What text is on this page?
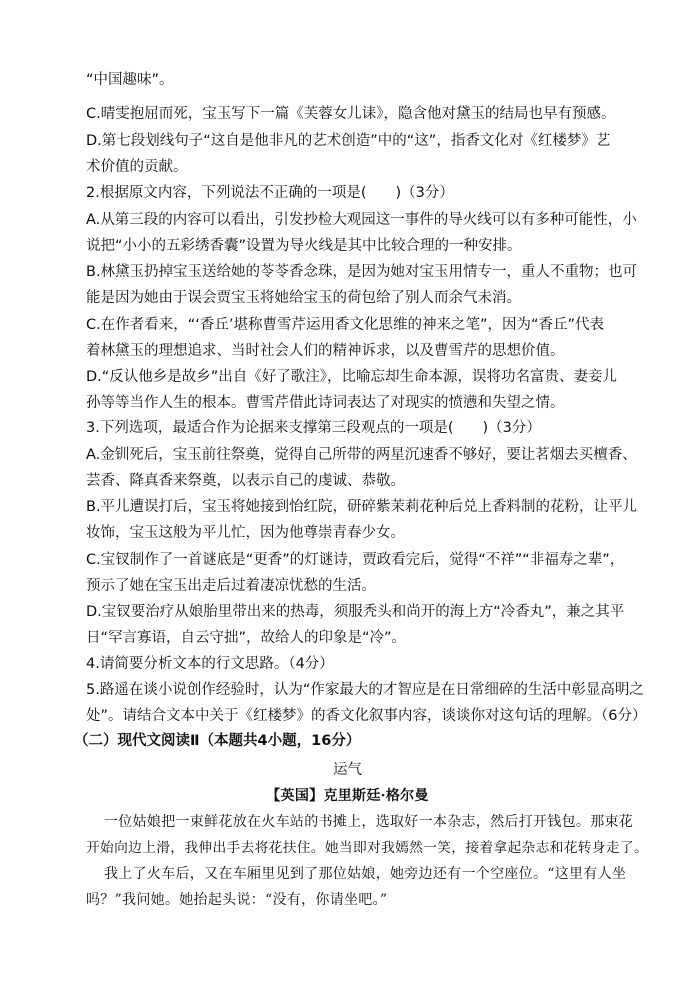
“中国趣味”。
C.晴雯抱屈而死，宝玉写下一篇《芙蓉女儿诔》，隐含他对黛玉的结局也早有预感。
D.第七段划线句子“这自是他非凡的艺术创造”中的“这”，指香文化对《红楼梦》艺
术价值的贡献。
2.根据原文内容，下列说法不正确的一项是(　　)（3分）
A.从第三段的内容可以看出，引发抄检大观园这一事件的导火线可以有多种可能性，小
说把“小小的五彩绣香囊”设置为导火线是其中比较合理的一种安排。
B.林黛玉扔掉宝玉送给她的苓苓香念珠，是因为她对宝玉用情专一，重人不重物；也可
能是因为她由于误会贾宝玉将她给宝玉的荷包给了别人而余气未消。
C.在作者看来，“‘香丘’堪称曹雪芹运用香文化思维的神来之笔”，因为“香丘”代表
着林黛玉的理想追求、当时社会人们的精神诉求，以及曹雪芹的思想价值。
D.“反认他乡是故乡”出自《好了歌注》，比喻忘却生命本源，误将功名富贵、妻妾儿
孙等等当作人生的根本。曹雪芹借此诗词表达了对现实的愤懑和失望之情。
3.下列选项，最适合作为论据来支撑第三段观点的一项是(　　)（3分）
A.金钏死后，宝玉前往祭奠，觉得自己所带的两星沉速香不够好，要让茗烟去买檀香、
芸香、降真香来祭奠，以表示自己的虔诚、恭敬。
B.平儿遭误打后，宝玉将她接到怡红院，研碎紫茉莉花种后兑上香料制的花粉，让平儿
妆饰，宝玉这般为平儿忙，因为他尊崇青春少女。
C.宝钗制作了一首谜底是“更香”的灯谜诗，贾政看完后，觉得“不祥”“非福寿之辈”，
预示了她在宝玉出走后过着凄凉忧愁的生活。
D.宝钗要治疗从娘胎里带出来的热毒，须服秃头和尚开的海上方“冷香丸”，兼之其平
日“罕言寡语，自云守拙”，故给人的印象是“冷”。
4.请简要分析文本的行文思路。（4分）
5.路遥在谈小说创作经验时，认为“作家最大的才智应是在日常细碎的生活中彰显高明之
处”。请结合文本中关于《红楼梦》的香文化叙事内容，谈谈你对这句话的理解。（6分）
（二）现代文阅读Ⅱ（本题共4小题，16分）
运气
【英国】克里斯廷·格尔曼
一位姑娘把一束鲜花放在火车站的书摊上，选取好一本杂志，然后打开钱包。那束花
开始向边上滑，我伸出手去将花扶住。她当即对我嫣然一笑，接着拿起杂志和花转身走了。
我上了火车后，又在车厢里见到了那位姑娘，她旁边还有一个空座位。“这里有人坐
吗？”我问她。她抬起头说：“没有，你请坐吧。”
